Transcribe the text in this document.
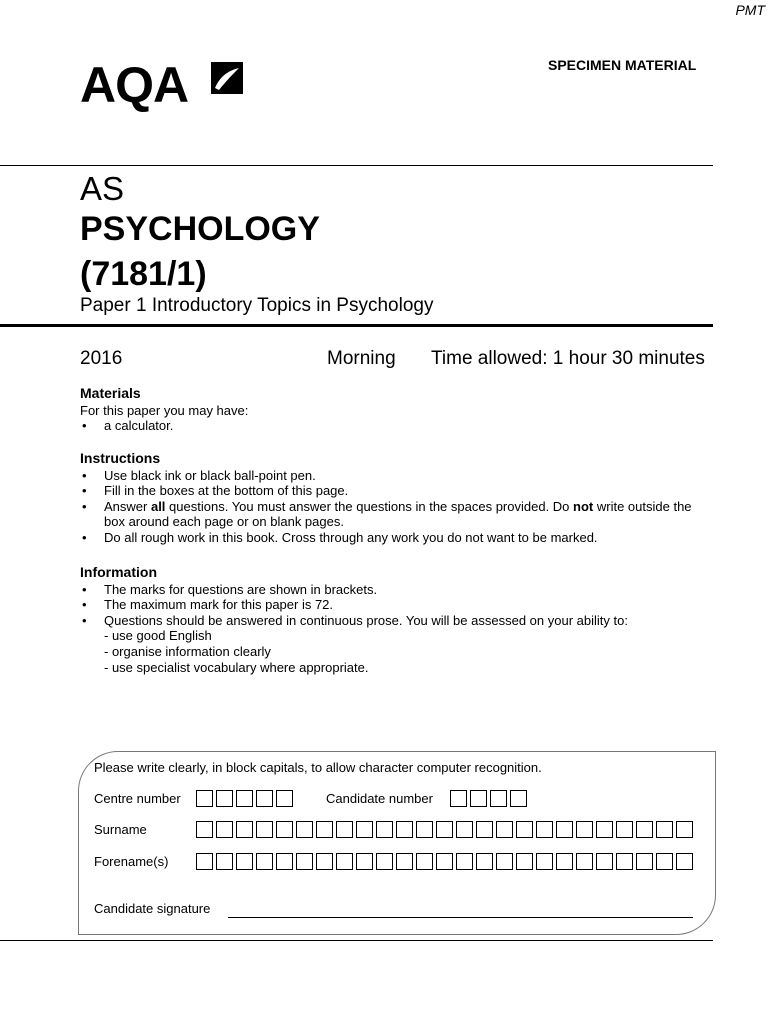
PMT
SPECIMEN MATERIAL
AQA
AS
PSYCHOLOGY
(7181/1)
Paper 1 Introductory Topics in Psychology
2016	Morning Time allowed: 1 hour 30 minutes
Materials
For this paper you may have:
• a calculator.
Instructions
• Use black ink or black ball-point pen.
• Fill in the boxes at the bottom of this page.
• Answer all questions. You must answer the questions in the spaces provided. Do not write outside the box around each page or on blank pages.
• Do all rough work in this book. Cross through any work you do not want to be marked.
Information
• The marks for questions are shown in brackets.
• The maximum mark for this paper is 72.
• Questions should be answered in continuous prose. You will be assessed on your ability to:
- use good English
- organise information clearly
- use specialist vocabulary where appropriate.
Please write clearly, in block capitals, to allow character computer recognition.
Centre number	Candidate number
Surname
Forename(s)
Candidate signature
